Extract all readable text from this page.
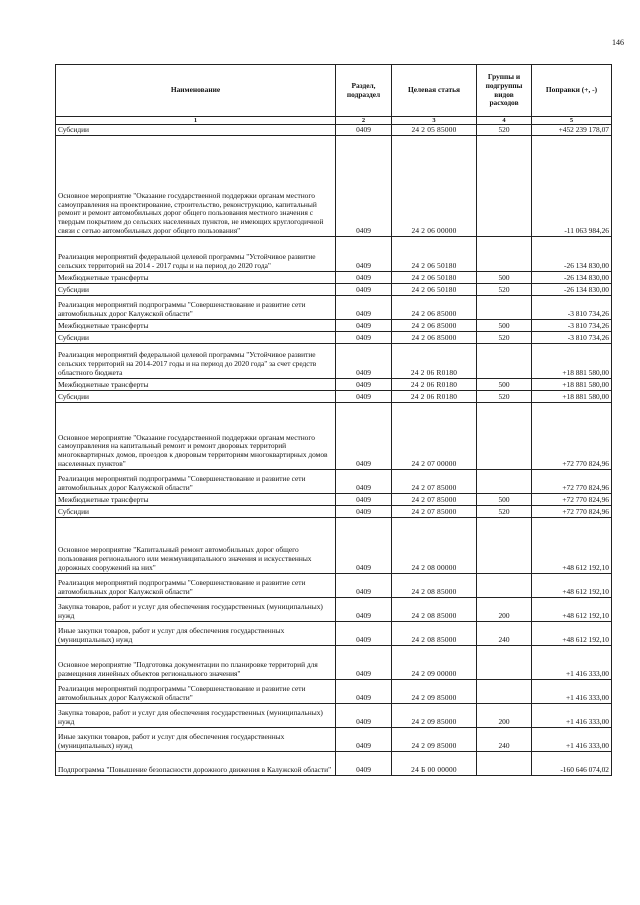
146
Наименование	Раздел, подраздел	Целевая статья	Группы и подгруппы видов расходов	Поправки (+, -)
1	2	3	4	5
Субсидии	0409	24 2 05 85000	520	+452 239 178,07
Основное мероприятие "Оказание государственной поддержки органам местного самоуправления на проектирование, строительство, реконструкцию, капитальный ремонт и ремонт автомобильных дорог общего пользования местного значения с твердым покрытием до сельских населенных пунктов, не имеющих круглогодичной связи с сетью автомобильных дорог общего пользования"	0409	24 2 06 00000		-11 063 984,26
Реализация мероприятий федеральной целевой программы "Устойчивое развитие сельских территорий на 2014 - 2017 годы и на период до 2020 года"	0409	24 2 06 50180		-26 134 830,00
Межбюджетные трансферты	0409	24 2 06 50180	500	-26 134 830,00
Субсидии	0409	24 2 06 50180	520	-26 134 830,00
Реализация мероприятий подпрограммы "Совершенствование и развитие сети автомобильных дорог Калужской области"	0409	24 2 06 85000		-3 810 734,26
Межбюджетные трансферты	0409	24 2 06 85000	500	-3 810 734,26
Субсидии	0409	24 2 06 85000	520	-3 810 734,26
Реализация мероприятий федеральной целевой программы "Устойчивое развитие сельских территорий на 2014-2017 годы и на период до 2020 года" за счет средств областного бюджета	0409	24 2 06 R0180		+18 881 580,00
Межбюджетные трансферты	0409	24 2 06 R0180	500	+18 881 580,00
Субсидии	0409	24 2 06 R0180	520	+18 881 580,00
Основное мероприятие "Оказание государственной поддержки органам местного самоуправления на капитальный ремонт и ремонт дворовых территорий многоквартирных домов, проездов к дворовым территориям многоквартирных домов населенных пунктов"	0409	24 2 07 00000		+72 770 824,96
Реализация мероприятий подпрограммы "Совершенствование и развитие сети автомобильных дорог Калужской области"	0409	24 2 07 85000		+72 770 824,96
Межбюджетные трансферты	0409	24 2 07 85000	500	+72 770 824,96
Субсидии	0409	24 2 07 85000	520	+72 770 824,96
Основное мероприятие "Капитальный ремонт автомобильных дорог общего пользования регионального или межмуниципального значения и искусственных дорожных сооружений на них"	0409	24 2 08 00000		+48 612 192,10
Реализация мероприятий подпрограммы "Совершенствование и развитие сети автомобильных дорог Калужской области"	0409	24 2 08 85000		+48 612 192,10
Закупка товаров, работ и услуг для обеспечения государственных (муниципальных) нужд	0409	24 2 08 85000	200	+48 612 192,10
Иные закупки товаров, работ и услуг для обеспечения государственных (муниципальных) нужд	0409	24 2 08 85000	240	+48 612 192,10
Основное мероприятие "Подготовка документации по планировке территорий для размещения линейных объектов регионального значения"	0409	24 2 09 00000		+1 416 333,00
Реализация мероприятий подпрограммы "Совершенствование и развитие сети автомобильных дорог Калужской области"	0409	24 2 09 85000		+1 416 333,00
Закупка товаров, работ и услуг для обеспечения государственных (муниципальных) нужд	0409	24 2 09 85000	200	+1 416 333,00
Иные закупки товаров, работ и услуг для обеспечения государственных (муниципальных) нужд	0409	24 2 09 85000	240	+1 416 333,00
Подпрограмма "Повышение безопасности дорожного движения в Калужской области"	0409	24 Б 00 00000		-160 646 074,02
